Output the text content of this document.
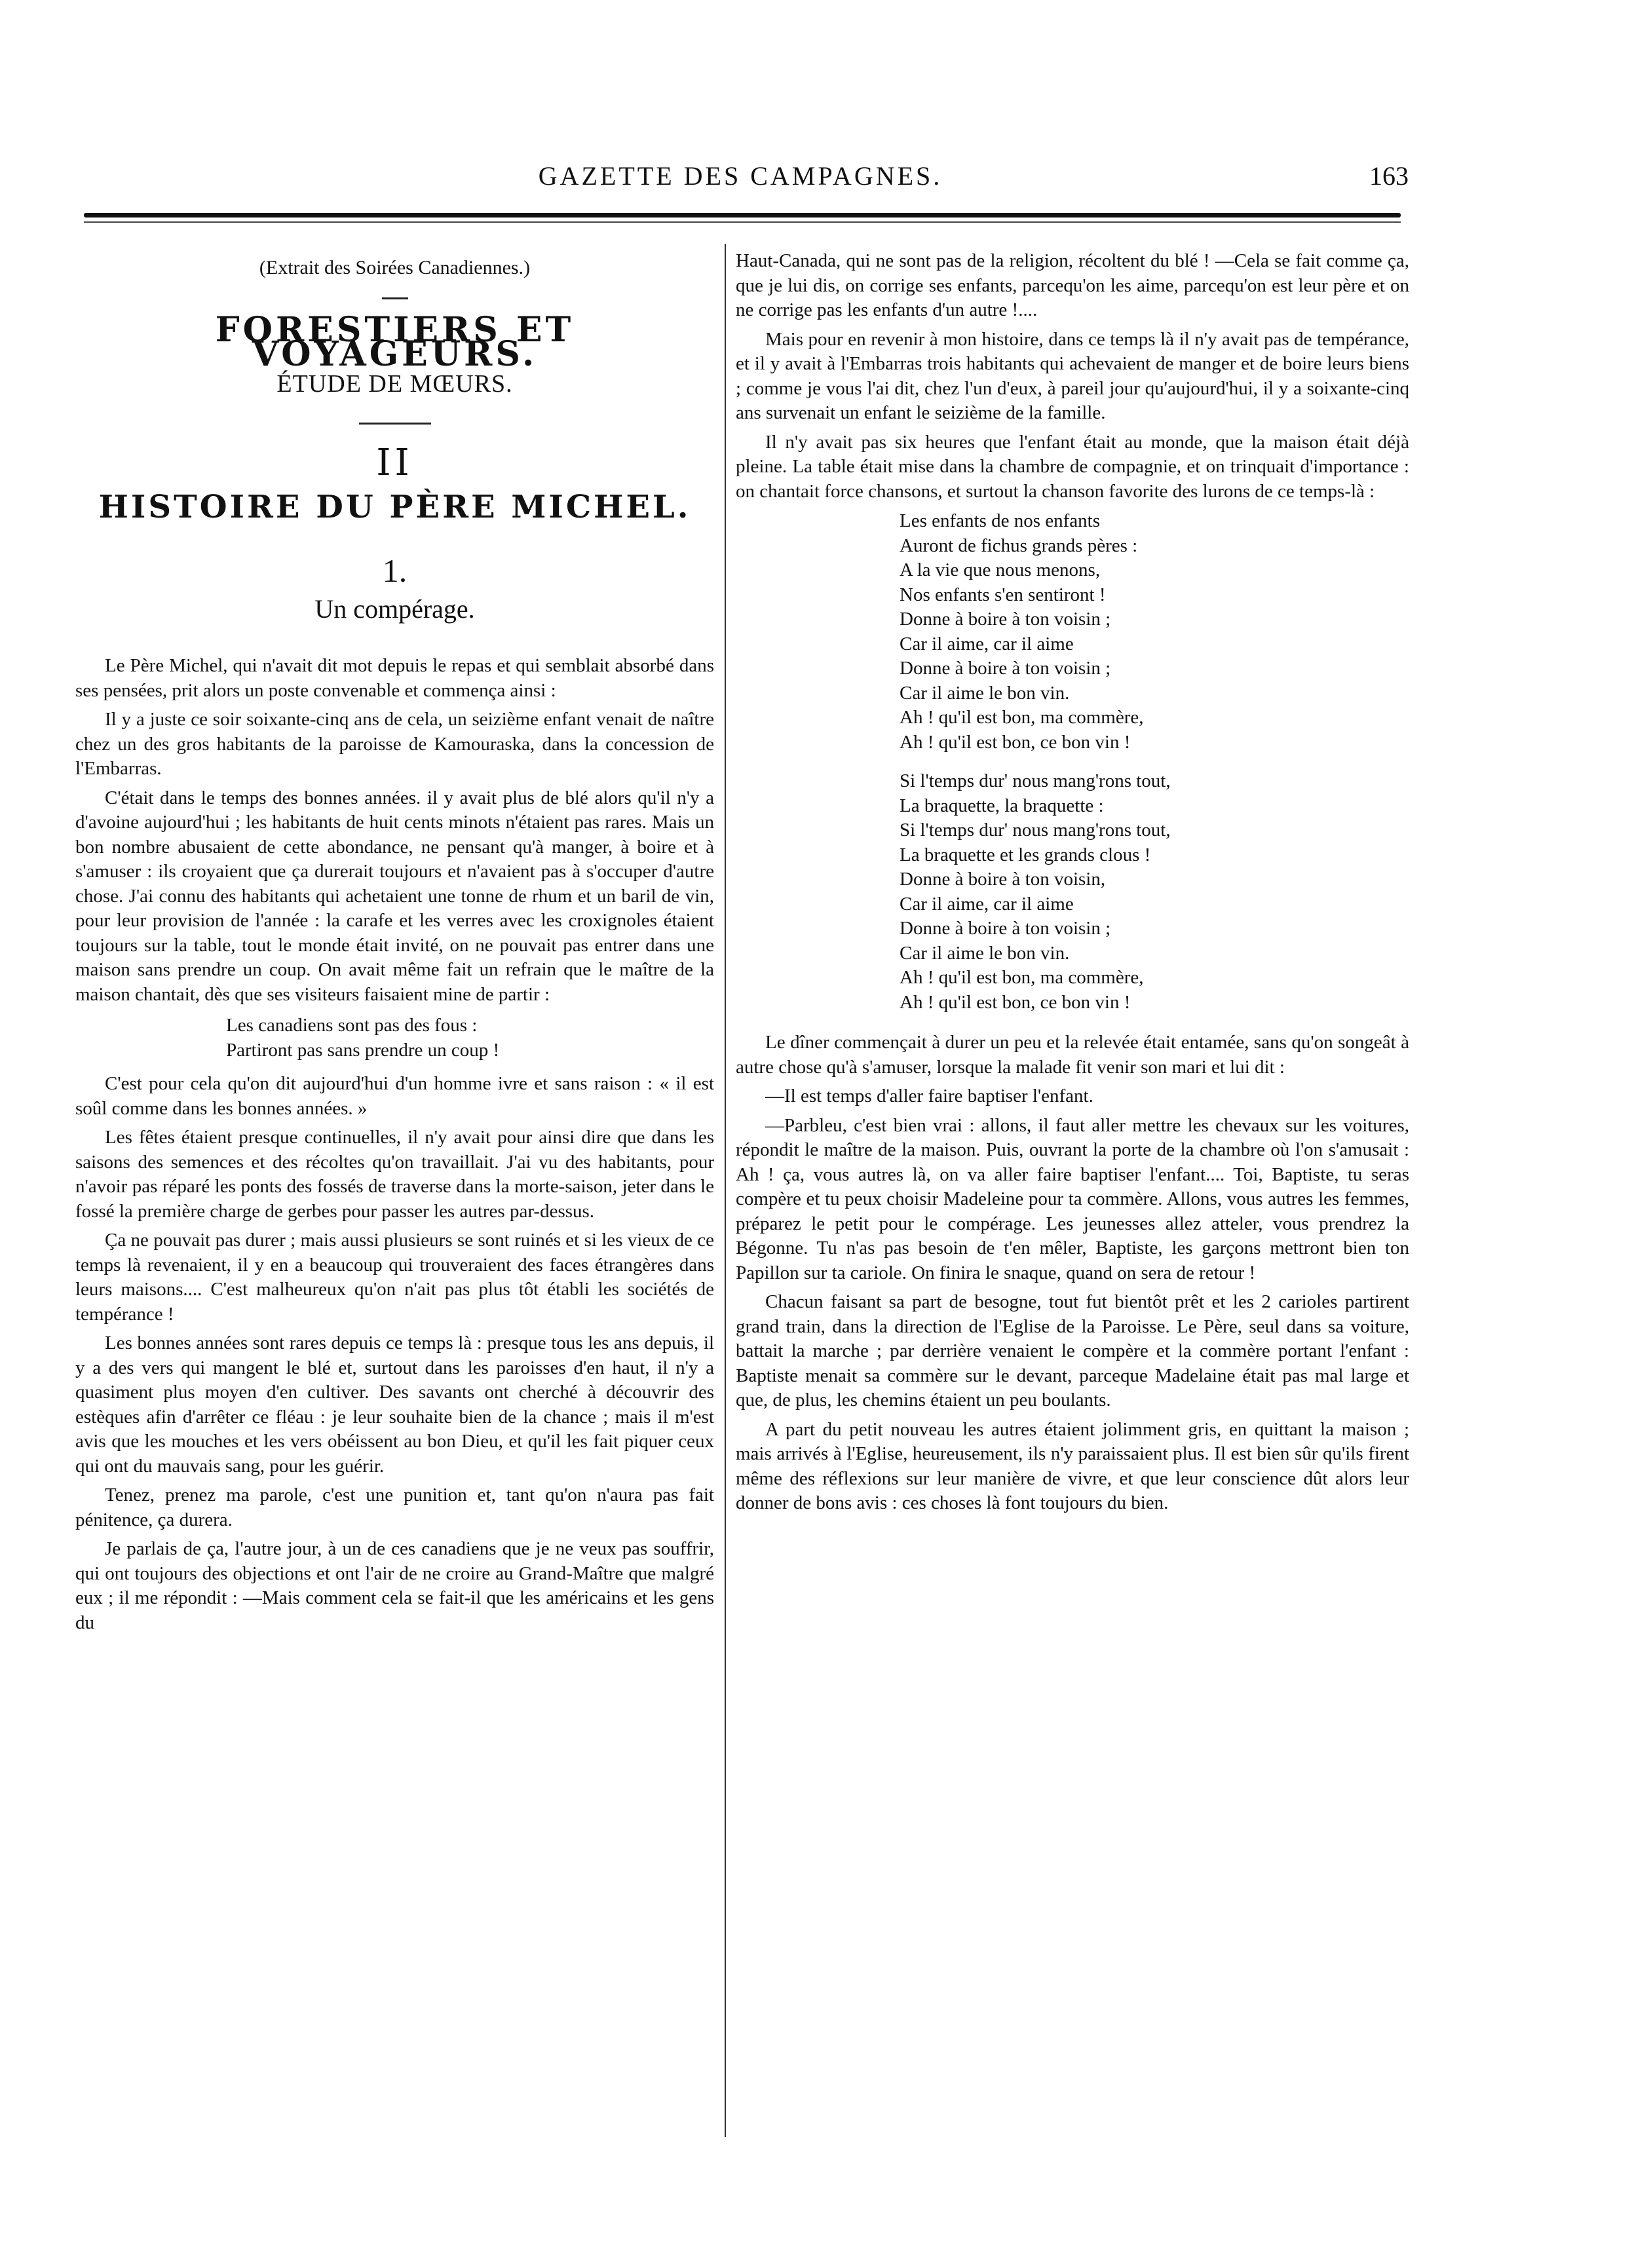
GAZETTE DES CAMPAGNES.	163

(Extrait des Soirées Canadiennes.)

FORESTIERS ET VOYAGEURS.
ÉTUDE DE MŒURS.
II
HISTOIRE DU PÈRE MICHEL.
1.
Un compérage.

Le Père Michel, qui n'avait dit mot depuis le repas et qui semblait absorbé dans ses pensées, prit alors un poste convenable et commença ainsi :

Il y a juste ce soir soixante-cinq ans de cela, un seizième enfant venait de naître chez un des gros habitants de la paroisse de Kamouraska, dans la concession de l'Embarras.

C'était dans le temps des bonnes années. il y avait plus de blé alors qu'il n'y a d'avoine aujourd'hui ; les habitants de huit cents minots n'étaient pas rares. Mais un bon nombre abusaient de cette abondance, ne pensant qu'à manger, à boire et à s'amuser : ils croyaient que ça durerait toujours et n'avaient pas à s'occuper d'autre chose. J'ai connu des habitants qui achetaient une tonne de rhum et un baril de vin, pour leur provision de l'année : la carafe et les verres avec les croxignoles étaient toujours sur la table, tout le monde était invité, on ne pouvait pas entrer dans une maison sans prendre un coup. On avait même fait un refrain que le maître de la maison chantait, dès que ses visiteurs faisaient mine de partir :

Les canadiens sont pas des fous :

Partiront pas sans prendre un coup !

C'est pour cela qu'on dit aujourd'hui d'un homme ivre et sans raison : « il est soûl comme dans les bonnes années. »

Les fêtes étaient presque continuelles, il n'y avait pour ainsi dire que dans les saisons des semences et des récoltes qu'on travaillait. J'ai vu des habitants, pour n'avoir pas réparé les ponts des fossés de traverse dans la morte-saison, jeter dans le fossé la première charge de gerbes pour passer les autres par-dessus.

Ça ne pouvait pas durer ; mais aussi plusieurs se sont ruinés et si les vieux de ce temps là revenaient, il y en a beaucoup qui trouveraient des faces étrangères dans leurs maisons.... C'est malheureux qu'on n'ait pas plus tôt établi les sociétés de tempérance !

Les bonnes années sont rares depuis ce temps là : presque tous les ans depuis, il y a des vers qui mangent le blé et, surtout dans les paroisses d'en haut, il n'y a quasiment plus moyen d'en cultiver. Des savants ont cherché à découvrir des estèques afin d'arrêter ce fléau : je leur souhaite bien de la chance ; mais il m'est avis que les mouches et les vers obéissent au bon Dieu, et qu'il les fait piquer ceux qui ont du mauvais sang, pour les guérir.

Tenez, prenez ma parole, c'est une punition et, tant qu'on n'aura pas fait pénitence, ça durera.

Je parlais de ça, l'autre jour, à un de ces canadiens que je ne veux pas souffrir, qui ont toujours des objections et ont l'air de ne croire au Grand-Maître que malgré eux ; il me répondit : —Mais comment cela se fait-il que les américains et les gens du

Haut-Canada, qui ne sont pas de la religion, récoltent du blé ! —Cela se fait comme ça, que je lui dis, on corrige ses enfants, parcequ'on les aime, parcequ'on est leur père et on ne corrige pas les enfants d'un autre !....

Mais pour en revenir à mon histoire, dans ce temps là il n'y avait pas de tempérance, et il y avait à l'Embarras trois habitants qui achevaient de manger et de boire leurs biens ; comme je vous l'ai dit, chez l'un d'eux, à pareil jour qu'aujourd'hui, il y a soixante-cinq ans survenait un enfant le seizième de la famille.

Il n'y avait pas six heures que l'enfant était au monde, que la maison était déjà pleine. La table était mise dans la chambre de compagnie, et on trinquait d'importance : on chantait force chansons, et surtout la chanson favorite des lurons de ce temps-là :

Les enfants de nos enfants

Auront de fichus grands pères :

A la vie que nous menons,

Nos enfants s'en sentiront !

Donne à boire à ton voisin ;

Car il aime, car il aime

Donne à boire à ton voisin ;

Car il aime le bon vin.

Ah ! qu'il est bon, ma commère,

Ah ! qu'il est bon, ce bon vin !

Si l'temps dur' nous mang'rons tout,

La braquette, la braquette :

Si l'temps dur' nous mang'rons tout,

La braquette et les grands clous !

Donne à boire à ton voisin,

Car il aime, car il aime

Donne à boire à ton voisin ;

Car il aime le bon vin.

Ah ! qu'il est bon, ma commère,

Ah ! qu'il est bon, ce bon vin !

Le dîner commençait à durer un peu et la relevée était entamée, sans qu'on songeât à autre chose qu'à s'amuser, lorsque la malade fit venir son mari et lui dit :

—Il est temps d'aller faire baptiser l'enfant.

—Parbleu, c'est bien vrai : allons, il faut aller mettre les chevaux sur les voitures, répondit le maître de la maison. Puis, ouvrant la porte de la chambre où l'on s'amusait : Ah ! ça, vous autres là, on va aller faire baptiser l'enfant.... Toi, Baptiste, tu seras compère et tu peux choisir Madeleine pour ta commère. Allons, vous autres les femmes, préparez le petit pour le compérage. Les jeunesses allez atteler, vous prendrez la Bégonne. Tu n'as pas besoin de t'en mêler, Baptiste, les garçons mettront bien ton Papillon sur ta cariole. On finira le snaque, quand on sera de retour !

Chacun faisant sa part de besogne, tout fut bientôt prêt et les 2 carioles partirent grand train, dans la direction de l'Eglise de la Paroisse. Le Père, seul dans sa voiture, battait la marche ; par derrière venaient le compère et la commère portant l'enfant : Baptiste menait sa commère sur le devant, parceque Madelaine était pas mal large et que, de plus, les chemins étaient un peu boulants.

A part du petit nouveau les autres étaient jolimment gris, en quittant la maison ; mais arrivés à l'Eglise, heureusement, ils n'y paraissaient plus. Il est bien sûr qu'ils firent même des réflexions sur leur manière de vivre, et que leur conscience dût alors leur donner de bons avis : ces choses là font toujours du bien.
